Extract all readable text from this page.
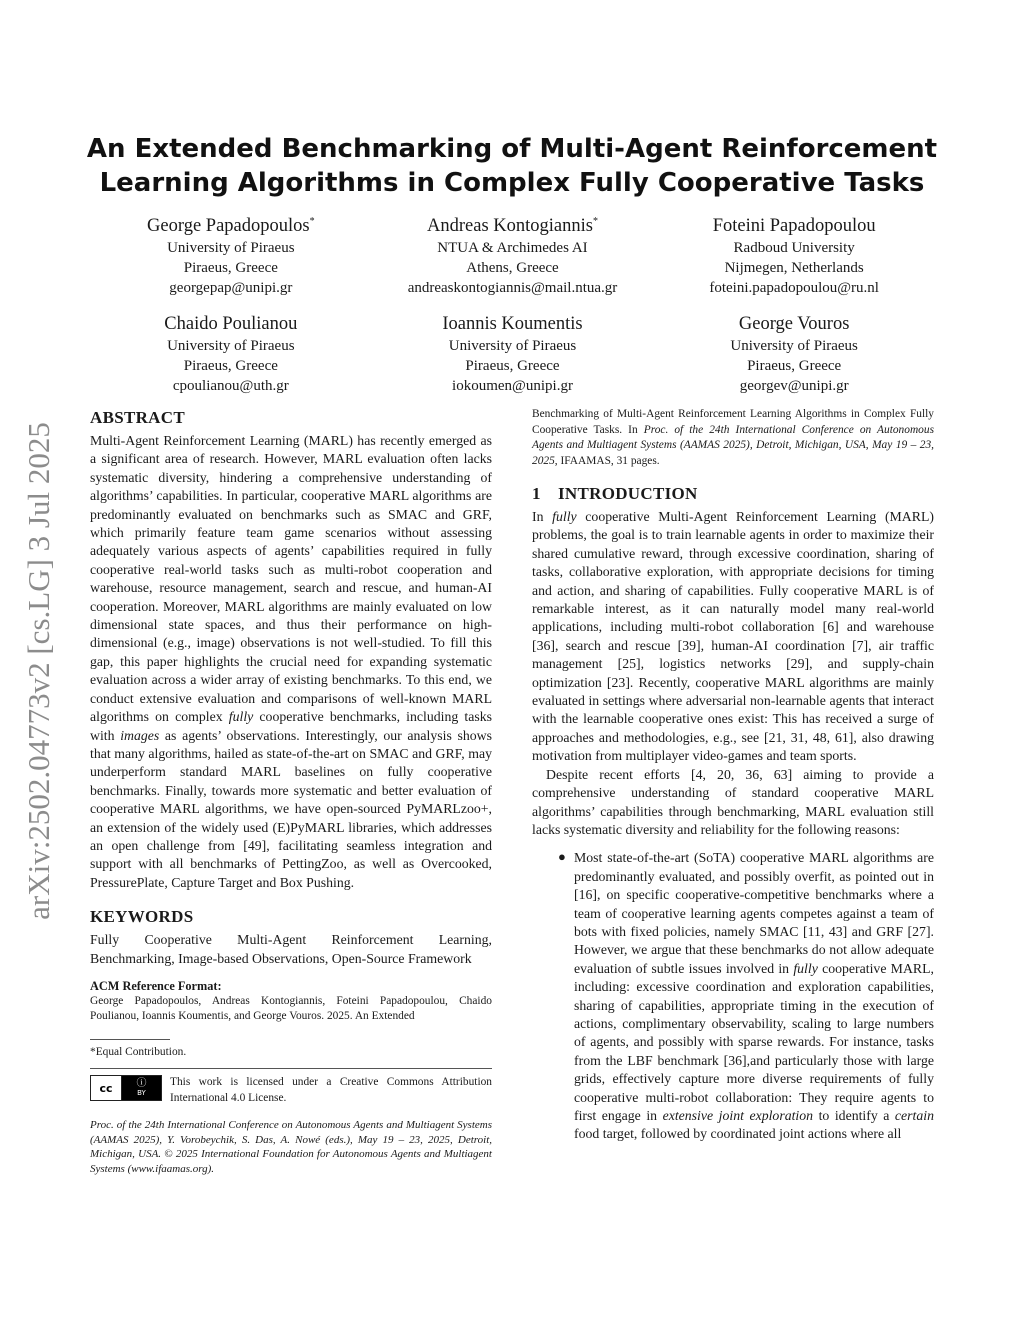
An Extended Benchmarking of Multi-Agent Reinforcement
Learning Algorithms in Complex Fully Cooperative Tasks
George Papadopoulos*
University of Piraeus
Piraeus, Greece
georgepap@unipi.gr
Andreas Kontogiannis*
NTUA & Archimedes AI
Athens, Greece
andreaskontogiannis@mail.ntua.gr
Foteini Papadopoulou
Radboud University
Nijmegen, Netherlands
foteini.papadopoulou@ru.nl
Chaido Poulianou
University of Piraeus
Piraeus, Greece
cpoulianou@uth.gr
Ioannis Koumentis
University of Piraeus
Piraeus, Greece
iokoumen@unipi.gr
George Vouros
University of Piraeus
Piraeus, Greece
georgev@unipi.gr
arXiv:2502.04773v2 [cs.LG] 3 Jul 2025
ABSTRACT

Multi-Agent Reinforcement Learning (MARL) has recently emerged as a significant area of research. However, MARL evaluation often lacks systematic diversity, hindering a comprehensive understanding of algorithms’ capabilities. In particular, cooperative MARL algorithms are predominantly evaluated on benchmarks such as SMAC and GRF, which primarily feature team game scenarios without assessing adequately various aspects of agents’ capabilities required in fully cooperative real-world tasks such as multi-robot cooperation and warehouse, resource management, search and rescue, and human-AI cooperation. Moreover, MARL algorithms are mainly evaluated on low dimensional state spaces, and thus their performance on high-dimensional (e.g., image) observations is not well-studied. To fill this gap, this paper highlights the crucial need for expanding systematic evaluation across a wider array of existing benchmarks. To this end, we conduct extensive evaluation and comparisons of well-known MARL algorithms on complex fully cooperative benchmarks, including tasks with images as agents’ observations. Interestingly, our analysis shows that many algorithms, hailed as state-of-the-art on SMAC and GRF, may underperform standard MARL baselines on fully cooperative benchmarks. Finally, towards more systematic and better evaluation of cooperative MARL algorithms, we have open-sourced PyMARLzoo+, an extension of the widely used (E)PyMARL libraries, which addresses an open challenge from [49], facilitating seamless integration and support with all benchmarks of PettingZoo, as well as Overcooked, PressurePlate, Capture Target and Box Pushing.

KEYWORDS

Fully Cooperative Multi-Agent Reinforcement Learning, Benchmarking, Image-based Observations, Open-Source Framework

ACM Reference Format:
George Papadopoulos, Andreas Kontogiannis, Foteini Papadopoulou, Chaido Poulianou, Ioannis Koumentis, and George Vouros. 2025. An Extended
*Equal Contribution.
cc	ⓘ
BY
This work is licensed under a Creative Commons Attribution International 4.0 License.
Proc. of the 24th International Conference on Autonomous Agents and Multiagent Systems (AAMAS 2025), Y. Vorobeychik, S. Das, A. Nowé (eds.), May 19 – 23, 2025, Detroit, Michigan, USA. © 2025 International Foundation for Autonomous Agents and Multiagent Systems (www.ifaamas.org).
Benchmarking of Multi-Agent Reinforcement Learning Algorithms in Complex Fully Cooperative Tasks. In Proc. of the 24th International Conference on Autonomous Agents and Multiagent Systems (AAMAS 2025), Detroit, Michigan, USA, May 19 – 23, 2025, IFAAMAS, 31 pages.
1 INTRODUCTION

In fully cooperative Multi-Agent Reinforcement Learning (MARL) problems, the goal is to train learnable agents in order to maximize their shared cumulative reward, through excessive coordination, sharing of tasks, collaborative exploration, with appropriate decisions for timing and action, and sharing of capabilities. Fully cooperative MARL is of remarkable interest, as it can naturally model many real-world applications, including multi-robot collaboration [6] and warehouse [36], search and rescue [39], human-AI coordination [7], air traffic management [25], logistics networks [29], and supply-chain optimization [23]. Recently, cooperative MARL algorithms are mainly evaluated in settings where adversarial non-learnable agents that interact with the learnable cooperative ones exist: This has received a surge of approaches and methodologies, e.g., see [21, 31, 48, 61], also drawing motivation from multiplayer video-games and team sports.

Despite recent efforts [4, 20, 36, 63] aiming to provide a comprehensive understanding of standard cooperative MARL algorithms’ capabilities through benchmarking, MARL evaluation still lacks systematic diversity and reliability for the following reasons:

● Most state-of-the-art (SoTA) cooperative MARL algorithms are predominantly evaluated, and possibly overfit, as pointed out in [16], on specific cooperative-competitive benchmarks where a team of cooperative learning agents competes against a team of bots with fixed policies, namely SMAC [11, 43] and GRF [27]. However, we argue that these benchmarks do not allow adequate evaluation of subtle issues involved in fully cooperative MARL, including: excessive coordination and exploration capabilities, sharing of capabilities, appropriate timing in the execution of actions, complimentary observability, scaling to large numbers of agents, and possibly with sparse rewards. For instance, tasks from the LBF benchmark [36],and particularly those with large grids, effectively capture more diverse requirements of fully cooperative multi-robot collaboration: They require agents to first engage in extensive joint exploration to identify a certain food target, followed by coordinated joint actions where all
